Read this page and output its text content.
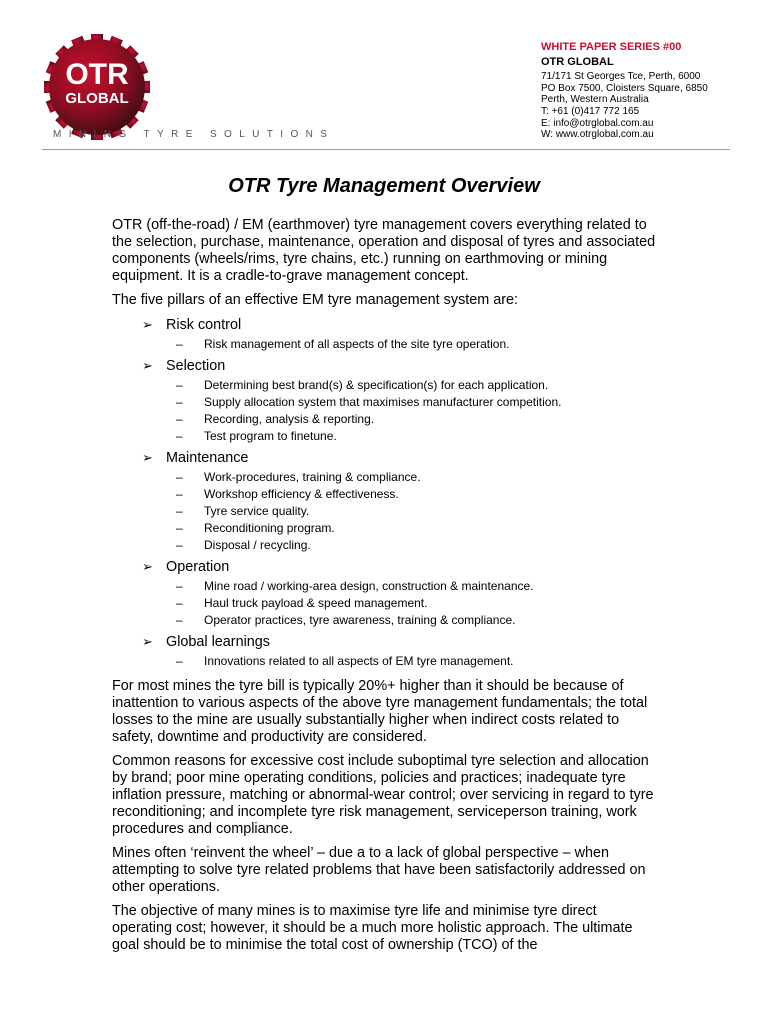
OTR
GLOBAL
MINING TYRE SOLUTIONS
WHITE PAPER SERIES #00
OTR GLOBAL
71/171 St Georges Tce, Perth, 6000
PO Box 7500, Cloisters Square, 6850
Perth, Western Australia
T: +61 (0)417 772 165
E: info@otrglobal.com.au
W: www.otrglobal.com.au
OTR Tyre Management Overview

OTR (off-the-road) / EM (earthmover) tyre management covers everything related to the selection, purchase, maintenance, operation and disposal of tyres and associated components (wheels/rims, tyre chains, etc.) running on earthmoving or mining equipment. It is a cradle-to-grave management concept.

The five pillars of an effective EM tyre management system are:

➢ Risk control
–	Risk management of all aspects of the site tyre operation.
➢ Selection
–	Determining best brand(s) & specification(s) for each application.
–	Supply allocation system that maximises manufacturer competition.
–	Recording, analysis & reporting.
–	Test program to finetune.
➢ Maintenance
–	Work-procedures, training & compliance.
–	Workshop efficiency & effectiveness.
–	Tyre service quality.
–	Reconditioning program.
–	Disposal / recycling.
➢ Operation
–	Mine road / working-area design, construction & maintenance.
–	Haul truck payload & speed management.
–	Operator practices, tyre awareness, training & compliance.
➢ Global learnings
–	Innovations related to all aspects of EM tyre management.

For most mines the tyre bill is typically 20%+ higher than it should be because of inattention to various aspects of the above tyre management fundamentals; the total losses to the mine are usually substantially higher when indirect costs related to safety, downtime and productivity are considered.

Common reasons for excessive cost include suboptimal tyre selection and allocation by brand; poor mine operating conditions, policies and practices; inadequate tyre inflation pressure, matching or abnormal-wear control; over servicing in regard to tyre reconditioning; and incomplete tyre risk management, serviceperson training, work procedures and compliance.

Mines often ‘reinvent the wheel’ – due a to a lack of global perspective – when attempting to solve tyre related problems that have been satisfactorily addressed on other operations.

The objective of many mines is to maximise tyre life and minimise tyre direct operating cost; however, it should be a much more holistic approach. The ultimate goal should be to minimise the total cost of ownership (TCO) of the
